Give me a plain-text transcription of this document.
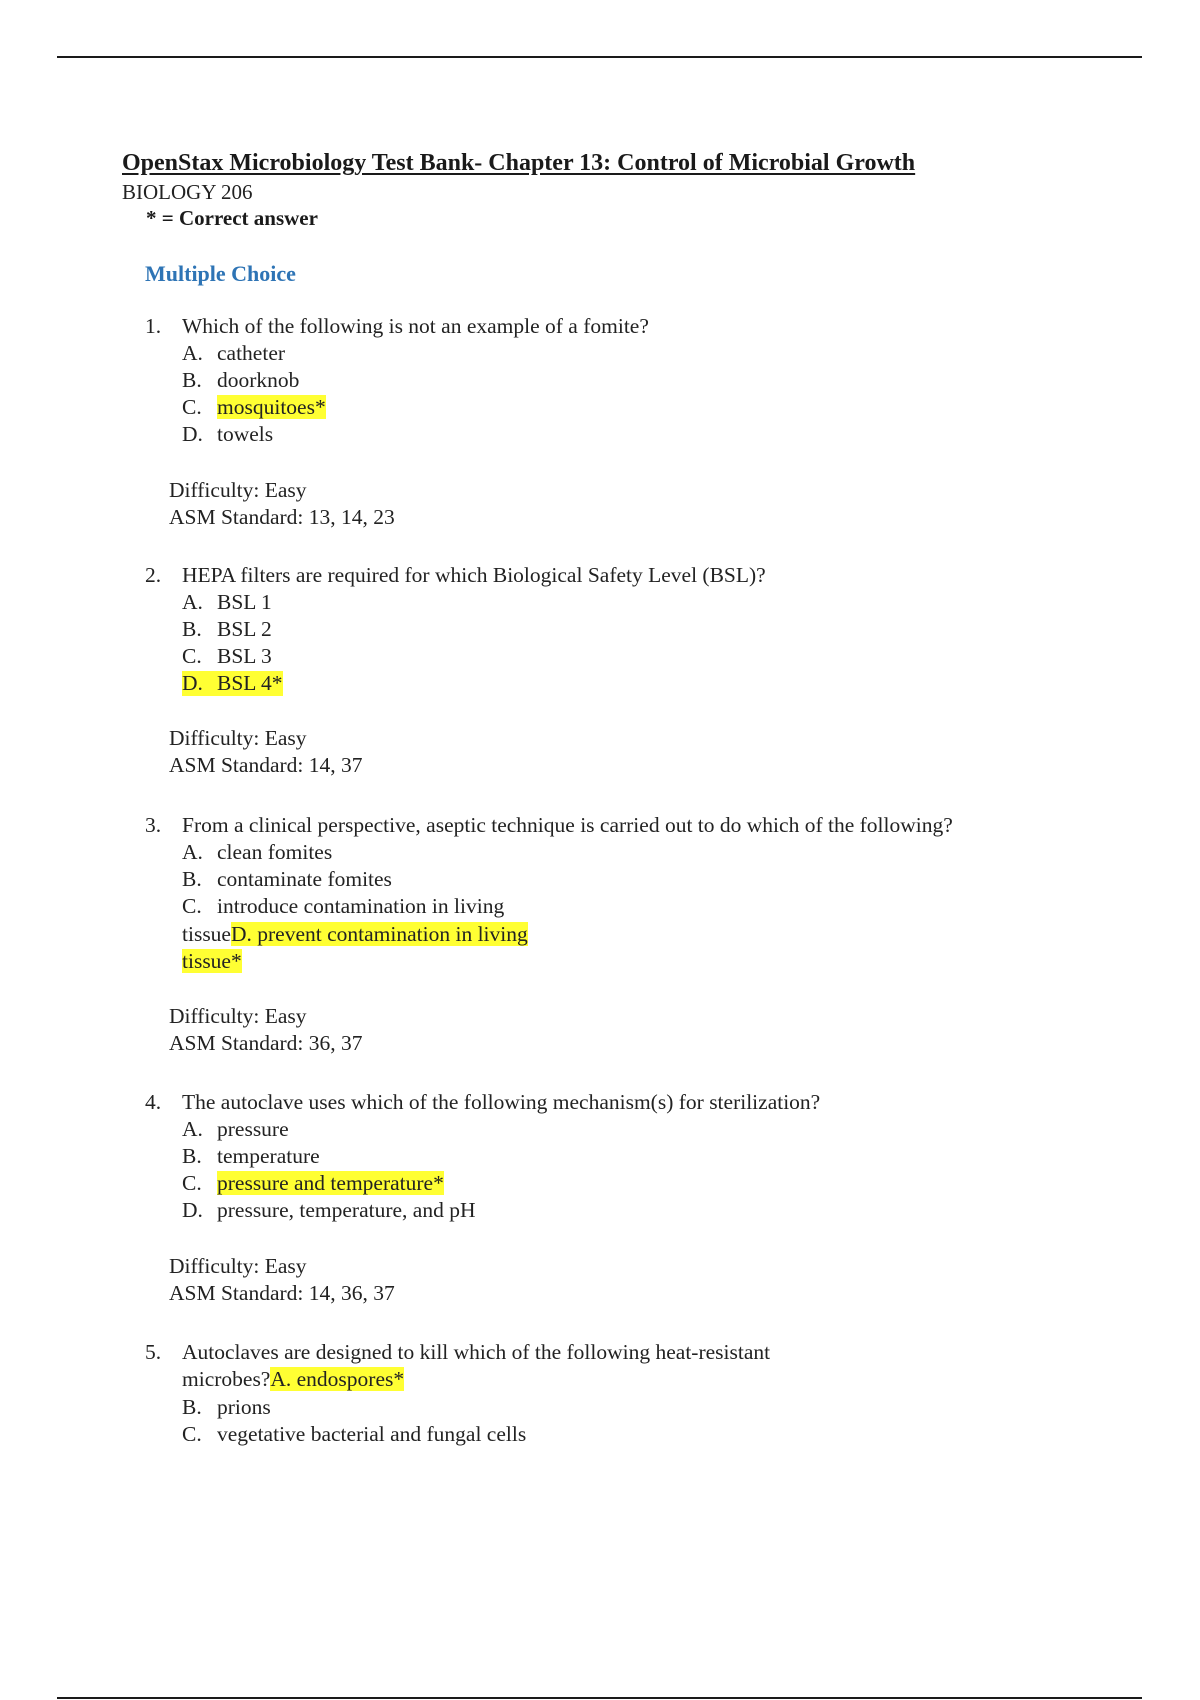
OpenStax Microbiology Test Bank- Chapter 13: Control of Microbial Growth
BIOLOGY 206
* = Correct answer
Multiple Choice
1. Which of the following is not an example of a fomite?
A. catheter
B. doorknob
C. mosquitoes*
D. towels
Difficulty: Easy
ASM Standard: 13, 14, 23
2. HEPA filters are required for which Biological Safety Level (BSL)?
A. BSL 1
B. BSL 2
C. BSL 3
D. BSL 4*
Difficulty: Easy
ASM Standard: 14, 37
3. From a clinical perspective, aseptic technique is carried out to do which of the following?
A. clean fomites
B. contaminate fomites
C. introduce contamination in living
tissueD. prevent contamination in living
tissue*
Difficulty: Easy
ASM Standard: 36, 37
4. The autoclave uses which of the following mechanism(s) for sterilization?
A. pressure
B. temperature
C. pressure and temperature*
D. pressure, temperature, and pH
Difficulty: Easy
ASM Standard: 14, 36, 37
5. Autoclaves are designed to kill which of the following heat-resistant
microbes?A. endospores*
B. prions
C. vegetative bacterial and fungal cells
